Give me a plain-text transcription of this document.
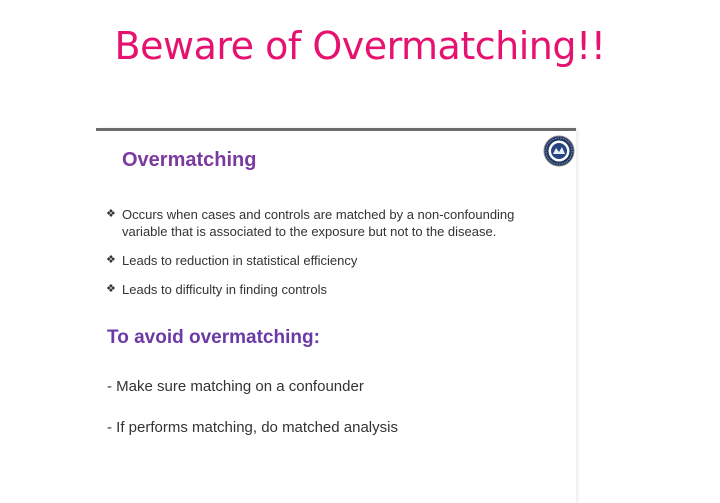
Beware of Overmatching!!
Overmatching
❖ Occurs when cases and controls are matched by a non-confounding variable that is associated to the exposure but not to the disease.
❖ Leads to reduction in statistical efficiency
❖ Leads to difficulty in finding controls
To avoid overmatching:
- Make sure matching on a confounder
- If performs matching, do matched analysis
